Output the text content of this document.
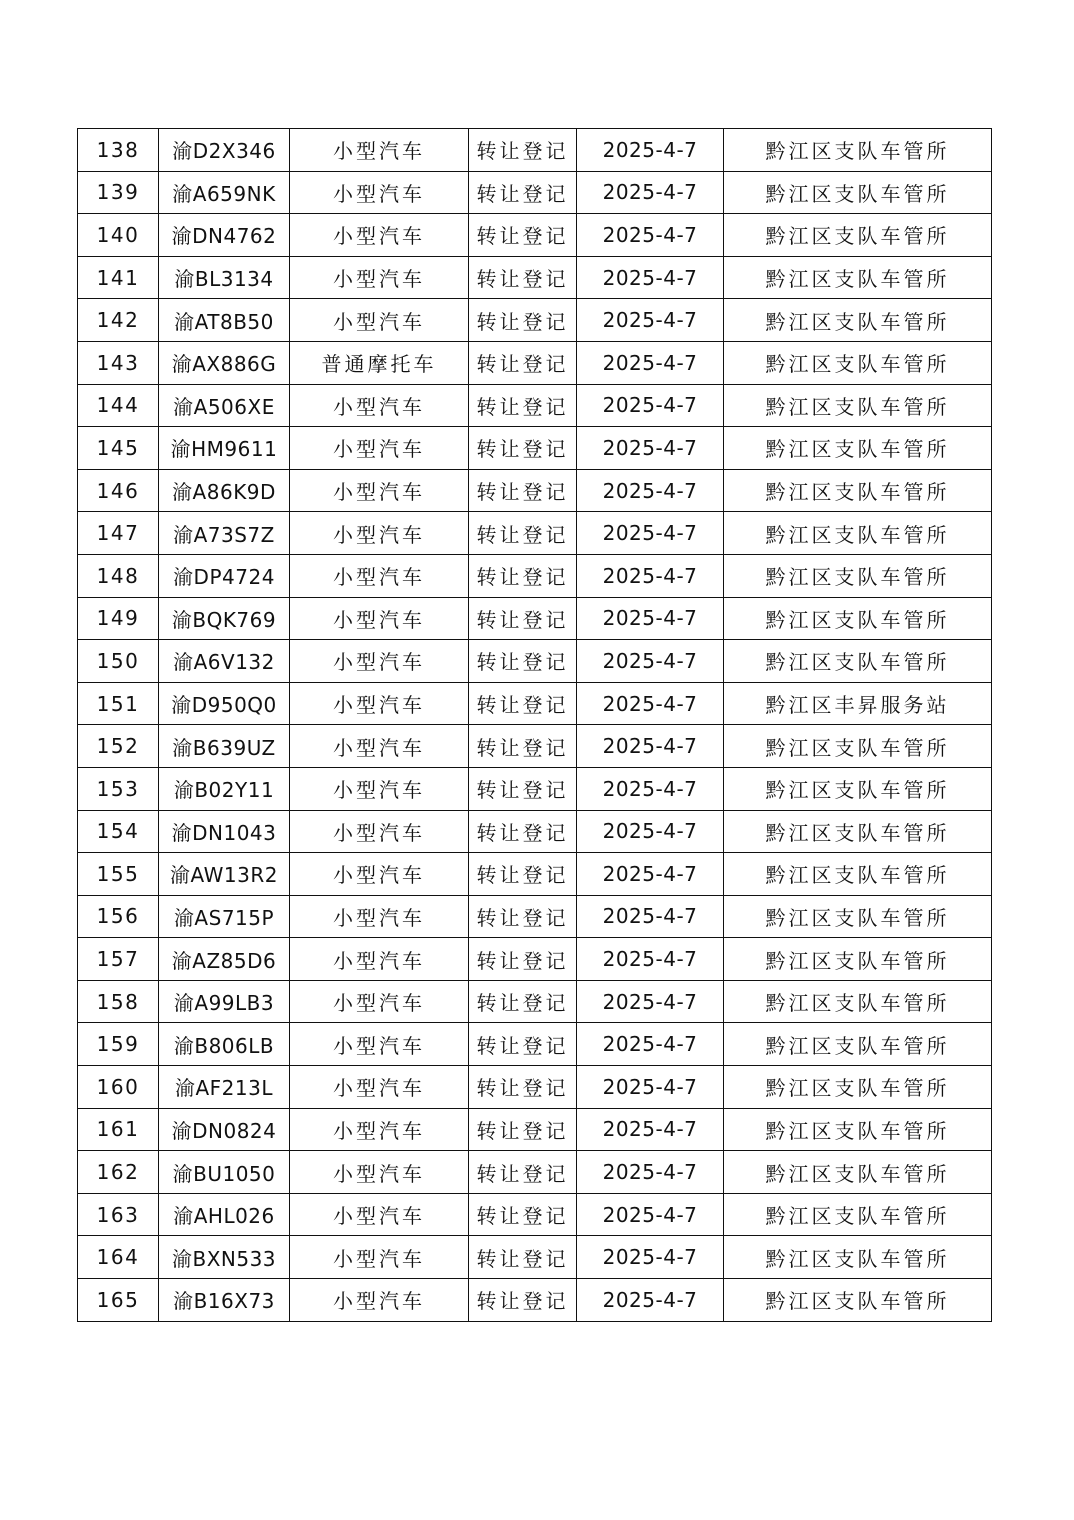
138	渝D2X346	小型汽车	转让登记	2025-4-7	黔江区支队车管所
139	渝A659NK	小型汽车	转让登记	2025-4-7	黔江区支队车管所
140	渝DN4762	小型汽车	转让登记	2025-4-7	黔江区支队车管所
141	渝BL3134	小型汽车	转让登记	2025-4-7	黔江区支队车管所
142	渝AT8B50	小型汽车	转让登记	2025-4-7	黔江区支队车管所
143	渝AX886G	普通摩托车	转让登记	2025-4-7	黔江区支队车管所
144	渝A506XE	小型汽车	转让登记	2025-4-7	黔江区支队车管所
145	渝HM9611	小型汽车	转让登记	2025-4-7	黔江区支队车管所
146	渝A86K9D	小型汽车	转让登记	2025-4-7	黔江区支队车管所
147	渝A73S7Z	小型汽车	转让登记	2025-4-7	黔江区支队车管所
148	渝DP4724	小型汽车	转让登记	2025-4-7	黔江区支队车管所
149	渝BQK769	小型汽车	转让登记	2025-4-7	黔江区支队车管所
150	渝A6V132	小型汽车	转让登记	2025-4-7	黔江区支队车管所
151	渝D950Q0	小型汽车	转让登记	2025-4-7	黔江区丰昇服务站
152	渝B639UZ	小型汽车	转让登记	2025-4-7	黔江区支队车管所
153	渝B02Y11	小型汽车	转让登记	2025-4-7	黔江区支队车管所
154	渝DN1043	小型汽车	转让登记	2025-4-7	黔江区支队车管所
155	渝AW13R2	小型汽车	转让登记	2025-4-7	黔江区支队车管所
156	渝AS715P	小型汽车	转让登记	2025-4-7	黔江区支队车管所
157	渝AZ85D6	小型汽车	转让登记	2025-4-7	黔江区支队车管所
158	渝A99LB3	小型汽车	转让登记	2025-4-7	黔江区支队车管所
159	渝B806LB	小型汽车	转让登记	2025-4-7	黔江区支队车管所
160	渝AF213L	小型汽车	转让登记	2025-4-7	黔江区支队车管所
161	渝DN0824	小型汽车	转让登记	2025-4-7	黔江区支队车管所
162	渝BU1050	小型汽车	转让登记	2025-4-7	黔江区支队车管所
163	渝AHL026	小型汽车	转让登记	2025-4-7	黔江区支队车管所
164	渝BXN533	小型汽车	转让登记	2025-4-7	黔江区支队车管所
165	渝B16X73	小型汽车	转让登记	2025-4-7	黔江区支队车管所
